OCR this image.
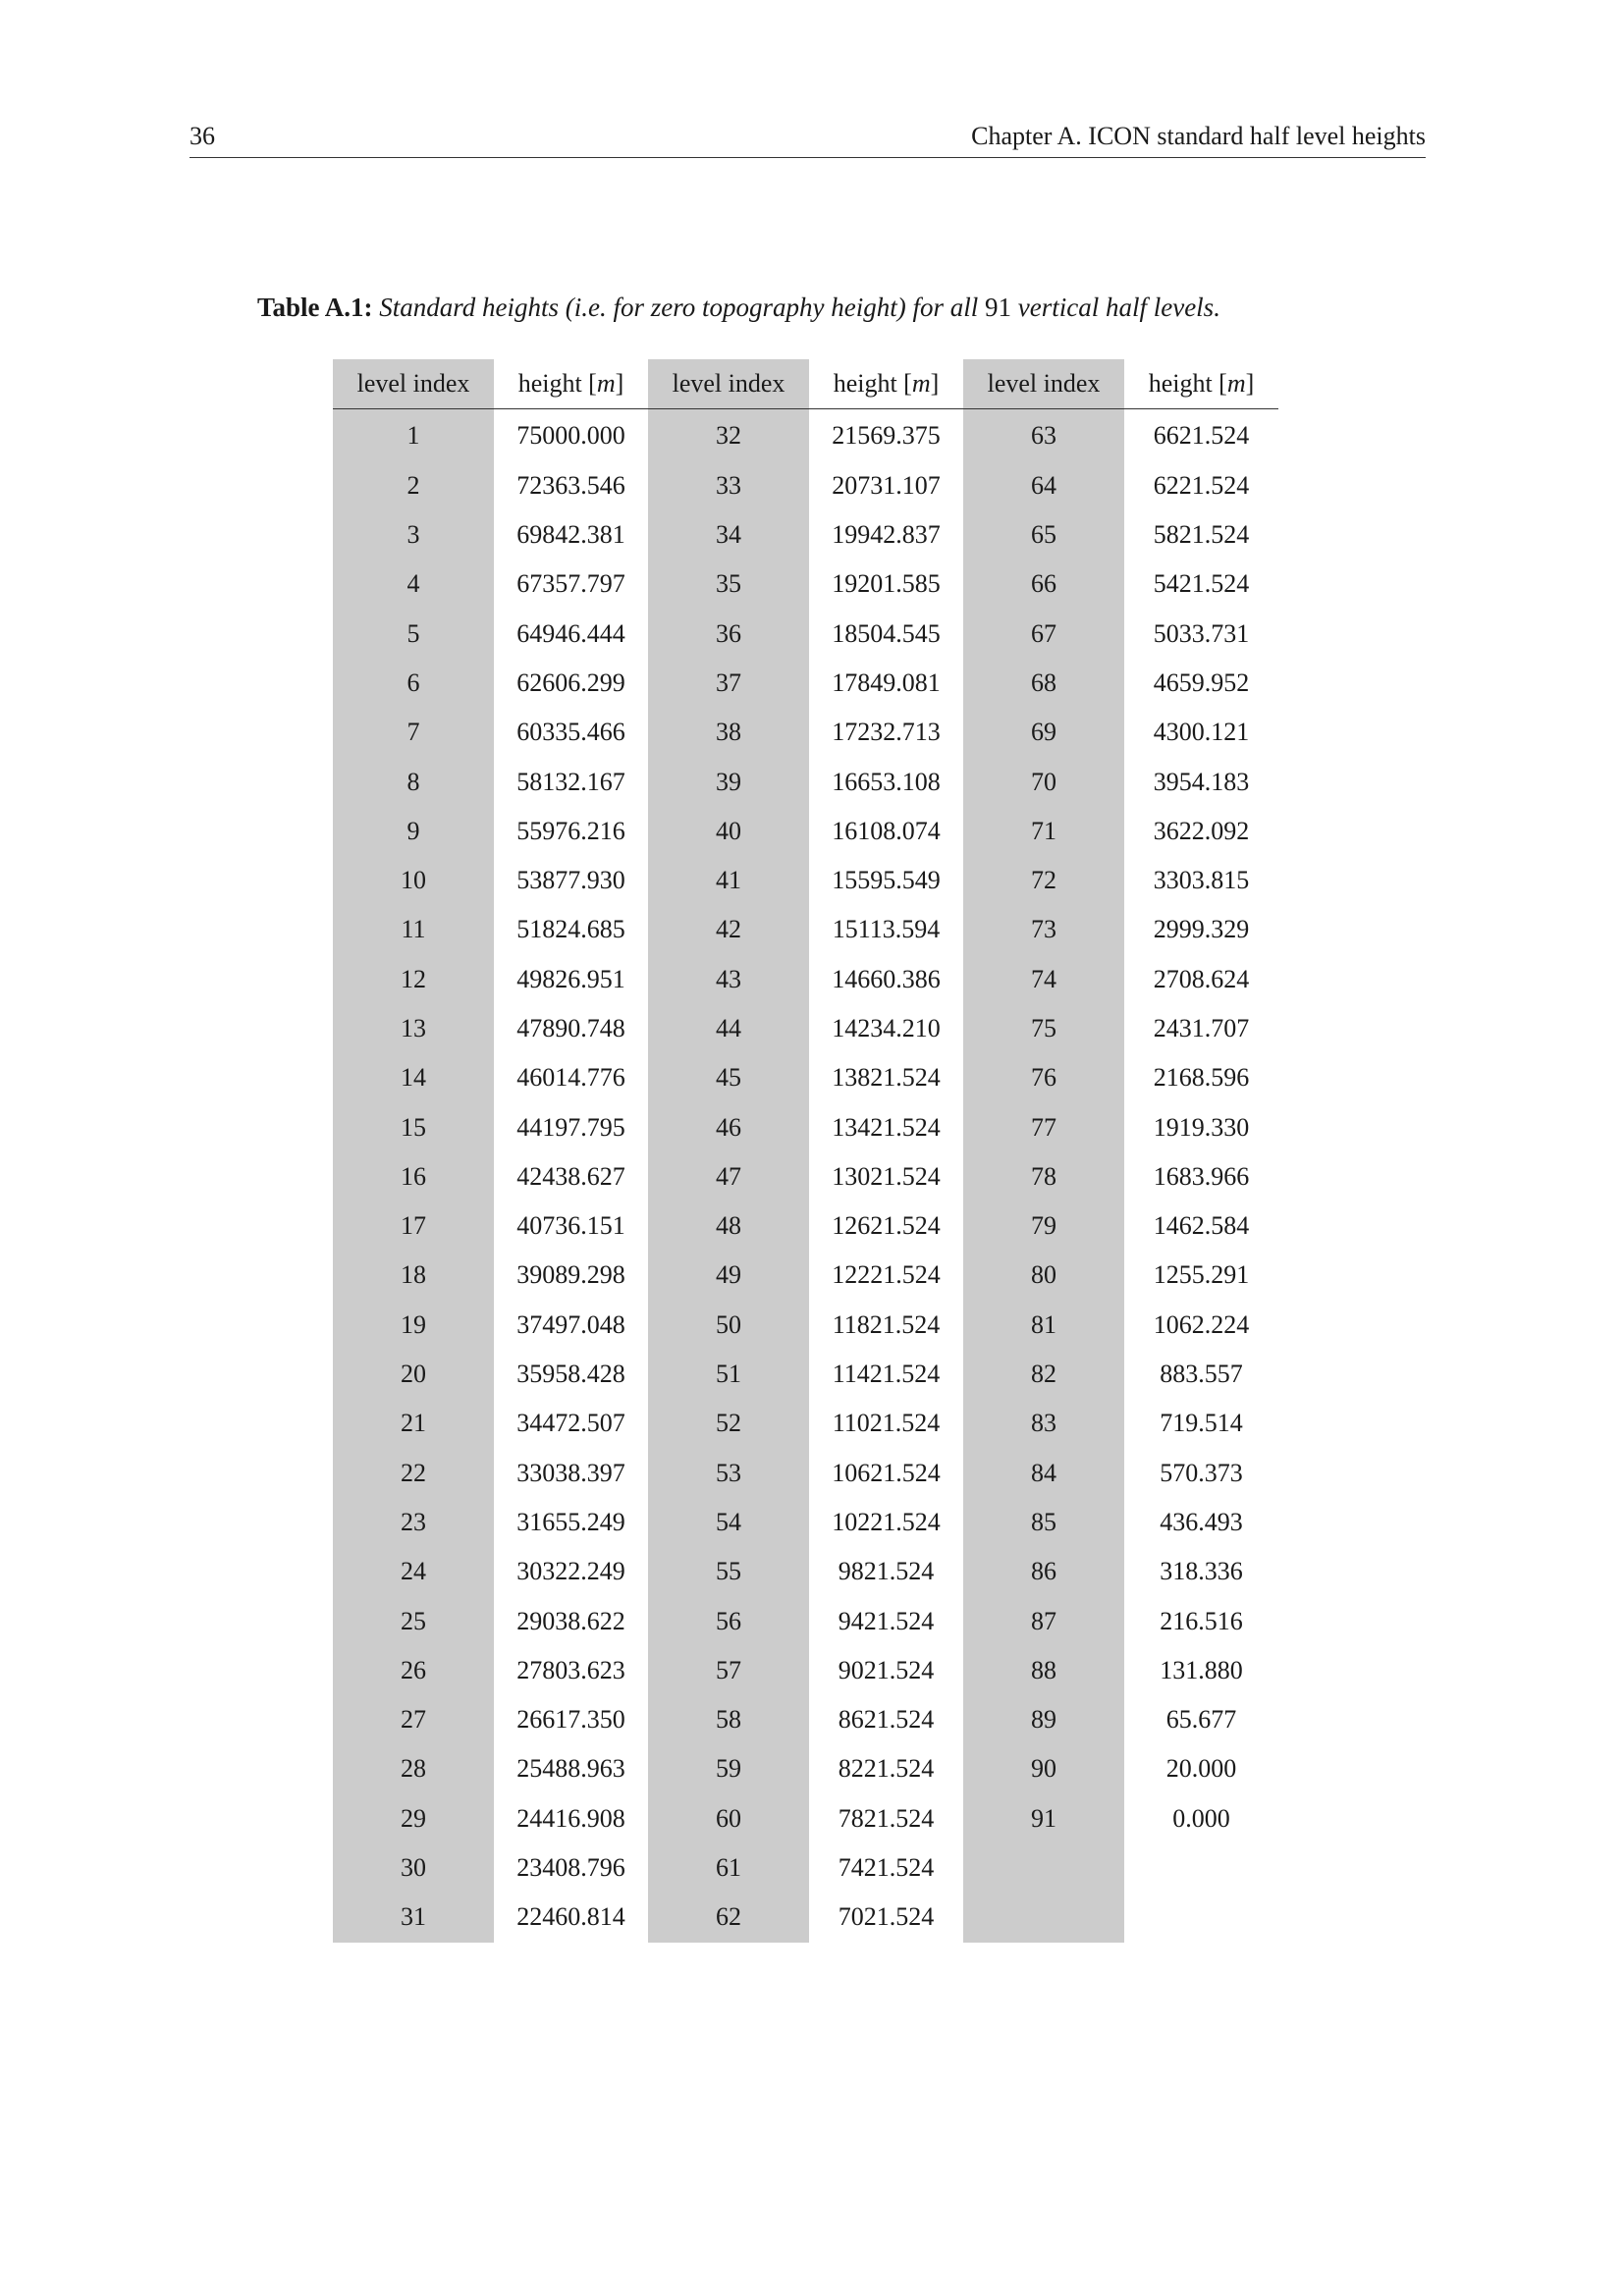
36	Chapter A. ICON standard half level heights
Table A.1: Standard heights (i.e. for zero topography height) for all 91 vertical half levels.
level index	height [m]	level index	height [m]	level index	height [m]
1	75000.000	32	21569.375	63	6621.524
2	72363.546	33	20731.107	64	6221.524
3	69842.381	34	19942.837	65	5821.524
4	67357.797	35	19201.585	66	5421.524
5	64946.444	36	18504.545	67	5033.731
6	62606.299	37	17849.081	68	4659.952
7	60335.466	38	17232.713	69	4300.121
8	58132.167	39	16653.108	70	3954.183
9	55976.216	40	16108.074	71	3622.092
10	53877.930	41	15595.549	72	3303.815
11	51824.685	42	15113.594	73	2999.329
12	49826.951	43	14660.386	74	2708.624
13	47890.748	44	14234.210	75	2431.707
14	46014.776	45	13821.524	76	2168.596
15	44197.795	46	13421.524	77	1919.330
16	42438.627	47	13021.524	78	1683.966
17	40736.151	48	12621.524	79	1462.584
18	39089.298	49	12221.524	80	1255.291
19	37497.048	50	11821.524	81	1062.224
20	35958.428	51	11421.524	82	883.557
21	34472.507	52	11021.524	83	719.514
22	33038.397	53	10621.524	84	570.373
23	31655.249	54	10221.524	85	436.493
24	30322.249	55	9821.524	86	318.336
25	29038.622	56	9421.524	87	216.516
26	27803.623	57	9021.524	88	131.880
27	26617.350	58	8621.524	89	65.677
28	25488.963	59	8221.524	90	20.000
29	24416.908	60	7821.524	91	0.000
30	23408.796	61	7421.524		
31	22460.814	62	7021.524		
